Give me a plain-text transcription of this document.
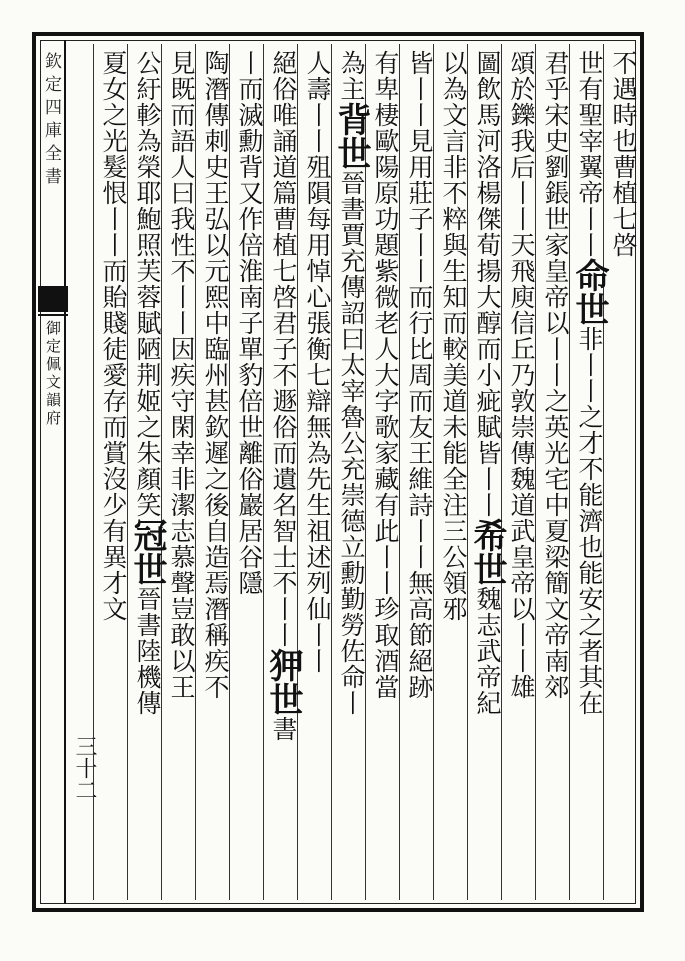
欽定四庫全書
御定佩文韻府
三十二
不遇時也曹植七啓
世有聖宰翼帝丨丨命世非丨丨之才不能濟也能安之者其在
君乎宋史劉鋹世家皇帝以丨丨之英光宅中夏梁簡文帝南郊
頌於鑠我后丨丨天飛庾信丘乃敦崇傳魏道武皇帝以丨丨雄
圖飲馬河洛楊傑荀揚大醇而小疵賦皆丨丨希世魏志武帝紀
以為文言非不粹與生知而較美道未能全注三公領邪
皆丨丨見用莊子丨丨而行比周而友王維詩丨丨無高節絕跡
有卑棲歐陽原功題紫微老人大字歌家藏有此丨丨珍取酒當
為主背世晉書賈充傳詔曰太宰魯公充崇德立勳勤勞佐命丨
人壽丨丨殂隕每用悼心張衡七辯無為先生祖述列仙丨丨
絕俗唯誦道篇曹植七啓君子不遯俗而遺名智士不丨丨狎世書
丨而滅勳背又作倍淮南子單豹倍世離俗巖居谷隱
陶潛傳刺史王弘以元熙中臨州甚欽遲之後自造焉潛稱疾不
見既而語人曰我性不丨丨因疾守閑幸非潔志慕聲豈敢以王
公紆軫為榮耶鮑照芙蓉賦陋荆姬之朱顏笑冠世晉書陸機傳
夏女之光髮恨丨丨而貽賤徒愛存而賞沒少有異才文
